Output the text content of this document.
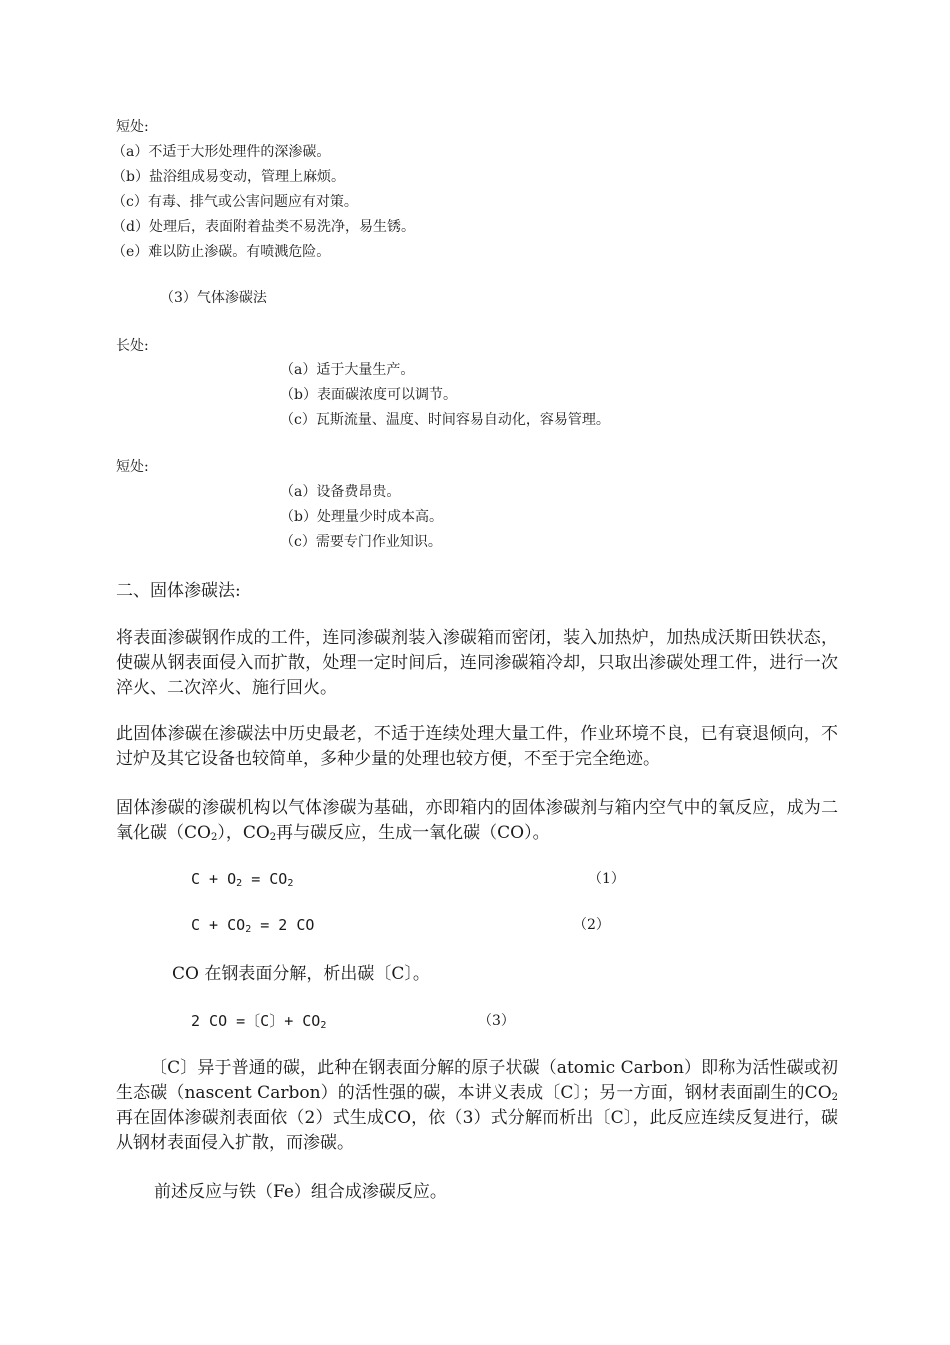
短处:
（a）不适于大形处理件的深渗碳。
（b）盐浴组成易变动，管理上麻烦。
（c）有毒、排气或公害问题应有对策。
（d）处理后，表面附着盐类不易洗净，易生锈。
（e）难以防止渗碳。有喷溅危险。
（3）气体渗碳法
长处:
（a）适于大量生产。
（b）表面碳浓度可以调节。
（c）瓦斯流量、温度、时间容易自动化，容易管理。
短处:
（a）设备费昂贵。
（b）处理量少时成本高。
（c）需要专门作业知识。
二、固体渗碳法:
将表面渗碳钢作成的工件，连同渗碳剂装入渗碳箱而密闭，装入加热炉，加热成沃斯田铁状态，使碳从钢表面侵入而扩散，处理一定时间后，连同渗碳箱冷却，只取出渗碳处理工件，进行一次淬火、二次淬火、施行回火。
此固体渗碳在渗碳法中历史最老，不适于连续处理大量工件，作业环境不良，已有衰退倾向，不过炉及其它设备也较简单，多种少量的处理也较方便，不至于完全绝迹。
固体渗碳的渗碳机构以气体渗碳为基础，亦即箱内的固体渗碳剂与箱内空气中的氧反应，成为二氧化碳$(CO_2)$，$CO_2$再与碳反应，生成一氧化碳（CO）。
$C + O_2 = CO_2$	（1）
$C + CO_2 = 2$ CO	（2）
CO 在钢表面分解，析出碳〔C〕。
2 CO =〔C〕+ $CO_2$	（3）
〔C〕异于普通的碳，此种在钢表面分解的原子状碳（atomic Carbon）即称为活性碳或初生态碳（nascent Carbon）的活性强的碳，本讲义表成〔C〕；另一方面，钢材表面副生的$CO_2$再在固体渗碳剂表面依（2）式生成CO，依（3）式分解而析出〔C〕，此反应连续反复进行，碳从钢材表面侵入扩散，而渗碳。
前述反应与铁（Fe）组合成渗碳反应。
